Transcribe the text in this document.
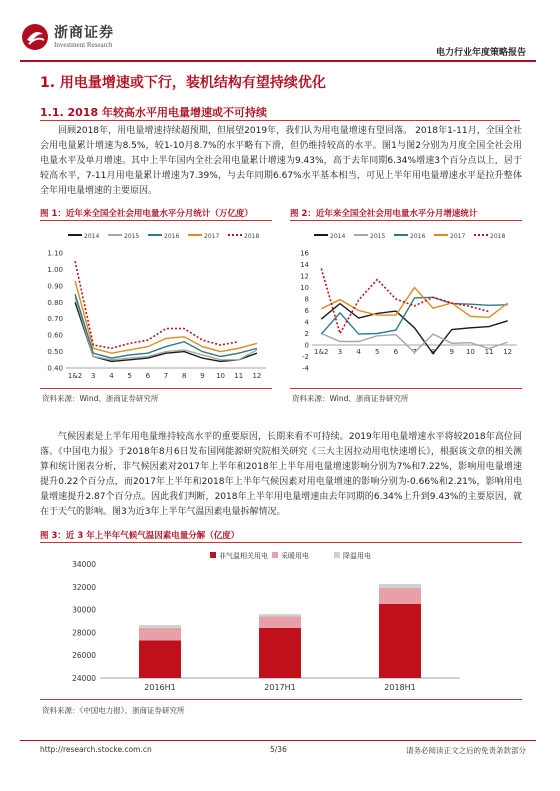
浙商证券
Investment Research
电力行业年度策略报告
1. 用电量增速或下行，装机结构有望持续优化
1.1. 2018 年较高水平用电量增速或不可持续

回顾2018年，用电量增速持续超预期，但展望2019年，我们认为用电量增速有望回落。 2018年1-11月，全国全社会用电量累计增速为8.5%，较1-10月8.7%的水平略有下滑，但仍维持较高的水平。图1与图2分别为月度全国全社会用电量水平及单月增速。其中上半年国内全社会用电量累计增速为9.43%，高于去年同期6.34%增速3个百分点以上，居于较高水平，7-11月用电量累计增速为7.39%，与去年同期6.67%水平基本相当，可见上半年用电量增速水平是拉升整体全年用电量增速的主要原因。

图 1：近年来全国全社会用电量水平分月统计（万亿度）
2014	2015	2016	2017	2018
0.40
0.50
0.60
0.70
0.80
0.90
1.00
1.10
1&2 3 4 5 6 7 8 9 10 11 12
资料来源：Wind、浙商证券研究所
图 2：近年来全国全社会用电量水平分月增速统计
2014	2015	2016	2017	2018
-4
-2
0
2
4
6
8
10
12
14
16
1&2 3 4 5 6 7 8 9 10 11 12
资料来源：Wind、浙商证券研究所

气候因素是上半年用电量维持较高水平的重要原因，长期来看不可持续。2019年用电量增速水平将较2018年高位回落。《中国电力报》于2018年8月6日发布国网能源研究院相关研究《三大主因拉动用电快速增长》，根据该文章的相关测算和统计图表分析，非气候因素对2017年上半年和2018年上半年用电量增速影响分别为7%和7.22%，影响用电量增速提升0.22个百分点，而2017年上半年和2018年上半年气候因素对用电量增速的影响分别为-0.66%和2.21%，影响用电量增速提升2.87个百分点。因此我们判断，2018年上半年用电量增速由去年同期的6.34%上升到9.43%的主要原因，就在于天气的影响。图3为近3年上半年气温因素电量拆解情况。

图 3：近 3 年上半年气候气温因素电量分解（亿度）
非气温相关用电 采暖用电	降温用电
24000
26000
28000
30000
32000
34000
2016H1	2017H1	2018H1
资料来源：《中国电力报》、浙商证券研究所
http://research.stocke.com.cn	5/36	请务必阅读正文之后的免责条款部分
